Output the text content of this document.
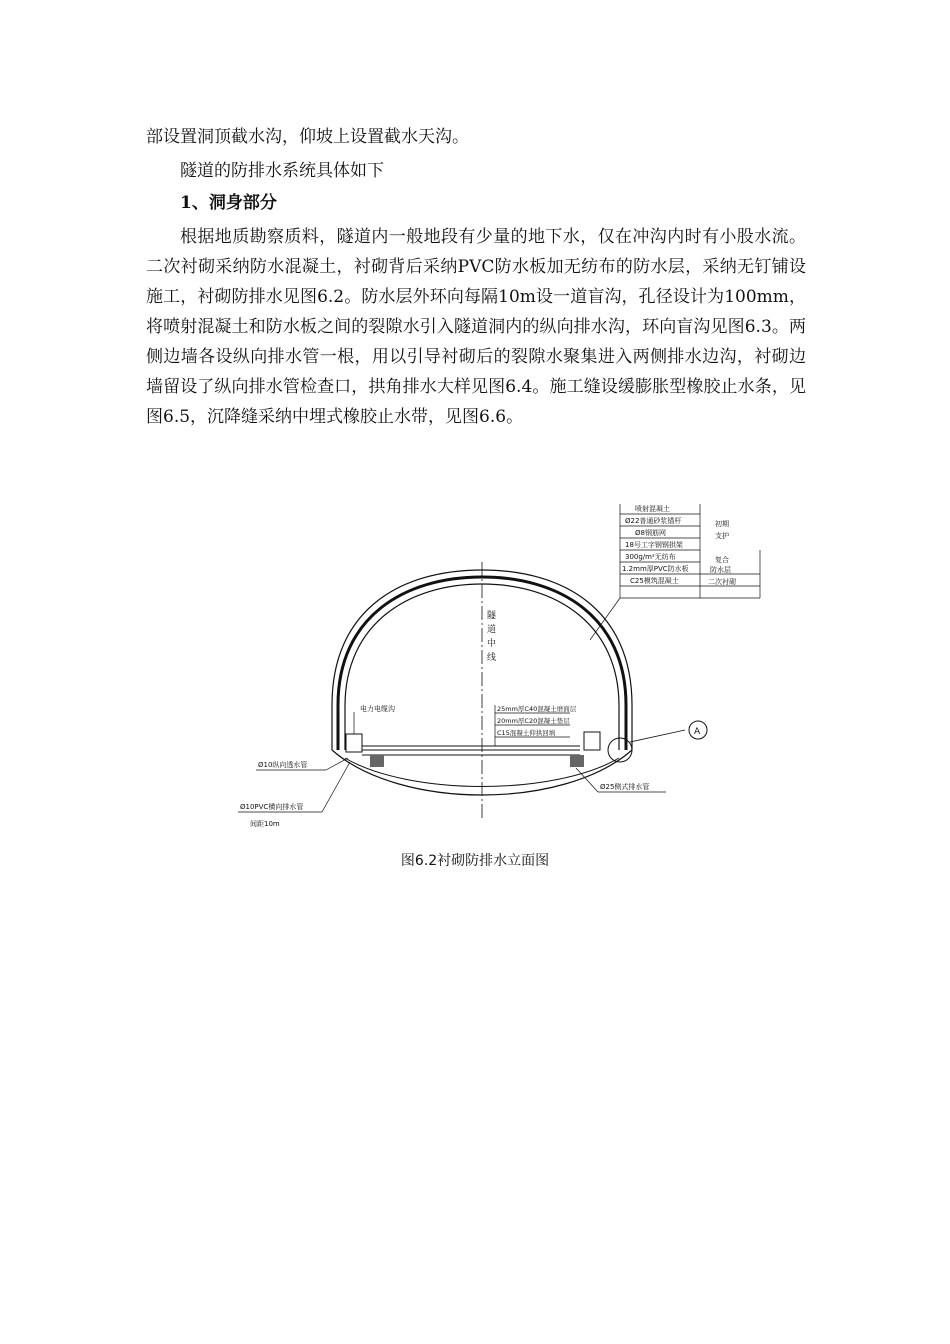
部设置洞顶截水沟，仰坡上设置截水天沟。

隧道的防排水系统具体如下

1、洞身部分

根据地质勘察质料，隧道内一般地段有少量的地下水，仅在冲沟内时有小股水流。二次衬砌采纳防水混凝土，衬砌背后采纳PVC防水板加无纺布的防水层，采纳无钉铺设施工，衬砌防排水见图6.2。防水层外环向每隔10m设一道盲沟，孔径设计为100mm，将喷射混凝土和防水板之间的裂隙水引入隧道洞内的纵向排水沟，环向盲沟见图6.3。两侧边墙各设纵向排水管一根，用以引导衬砌后的裂隙水聚集进入两侧排水边沟，衬砌边墙留设了纵向排水管检查口，拱角排水大样见图6.4。施工缝设缓膨胀型橡胶止水条，见图6.5，沉降缝采纳中埋式橡胶止水带，见图6.6。

隧
道
中
线
A
喷射混凝土
Ø22普通砂浆锚杆
Ø8钢筋网
18号工字钢钢拱架
300g/m²无纺布
1.2mm厚PVC防水板
C25模筑混凝土
初期
支护
复合
防水层
二次衬砌
25mm厚C40混凝土磨面层
20mm厚C20混凝土垫层
C15混凝土仰拱回填
电力电缆沟
Ø10纵向透水管
Ø10PVC横向排水管
间距10m
Ø25侧式排水管
图6.2衬砌防排水立面图
